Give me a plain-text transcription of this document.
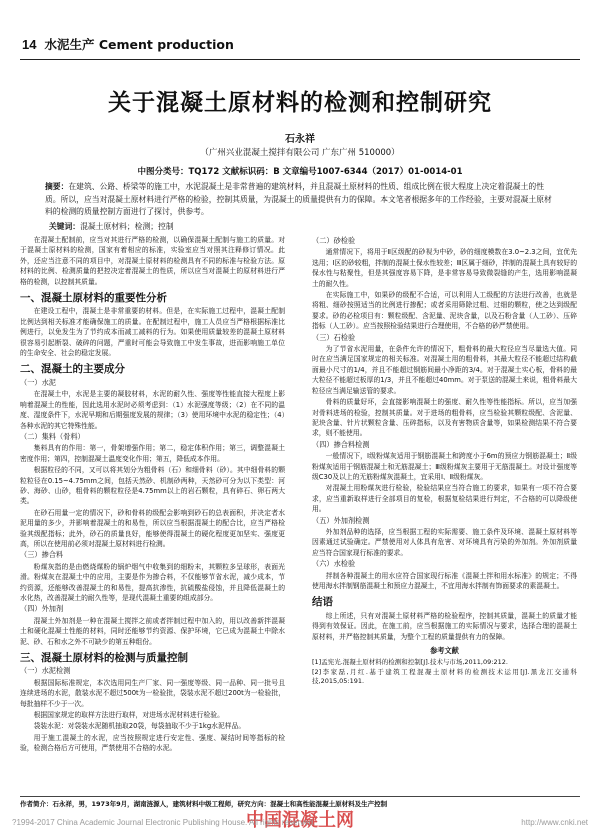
14 水泥生产 Cement production
关于混凝土原材料的检测和控制研究
石永祥
（广州兴业混凝土搅拌有限公司 广东广州 510000）
中图分类号：TQ172 文献标识码：B 文章编号1007-6344（2017）01-0014-01
摘要：在建筑、公路、桥梁等的施工中，水泥混凝土是非常普遍的建筑材料，并且混凝土原材料的性质、组成比例在很大程度上决定着混凝土的性质。所以，应当对混凝土原材料进行严格的检验，控制其质量，为混凝土的质量提供有力的保障。本文笔者根据多年的工作经验，主要对混凝土原材料的检测的质量控制方面进行了探讨，供参考。
关键词：混凝土原材料；检测；控制

在混凝土配制前，应当对其进行严格的检测，以确保混凝土配制与施工的质量。对于混凝土原材料的检测，国家有着相应的标准，实验室应当对照其注释修订情况。此外，还应当注意不同的项目中，对混凝土原材料的检测具有不同的标准与检验方法。原材料的比例、检测质量的把控决定着混凝土的性质，所以应当对混凝土的原材料进行严格的检测，以控制其质量。

一、混凝土原材料的重要性分析

在建设工程中，混凝土是非常重要的材料。但是，在实际施工过程中，混凝土配制比例达到相关标准才能确保施工的质量。在配制过程中，施工人员应当严格根据标准比例进行，以免发生为了节约成本而减工减料的行为。如果使用质量较差的混凝土原材料很容易引起断裂、破碎的问题，严重时可能会导致施工中发生事故，进而影响施工单位的生命安全、社会的稳定发展。

二、混凝土的主要成分
（一）水泥

在混凝土中，水泥是主要的凝胶材料，水泥的耐久性、强度等性能直接大程度上影响着混凝土的性能，因此选用水泥时必须考虑到：（1）水泥强度等级；（2）在不同的温度、湿度条件下，水泥早期和后期强度发展的规律；（3）使用环境中水泥的稳定性；（4）各种水泥的其它特殊性能。

（二）集料（骨料）

集料具有的作用：第一，骨架增强作用；第二，稳定体积作用；第三，调整混凝土密度作用；第四，控制混凝土温度变化作用；第五，降低成本作用。

根据粒径的不同，又可以将其划分为粗骨料（石）和细骨料（砂）。其中细骨料的颗粒粒径在0.15~4.75mm之间，包括天然砂、机制砂两种，天然砂可分为以下类型：河砂、海砂、山砂，粗骨料的颗粒粒径是4.75mm以上的岩石颗粒，具有碎石、卵石两大类。

在砂石用量一定的情况下，砂和骨料的级配会影响到砂石的总表面积，并决定者水泥用量的多少，并影响着混凝土的和易性，所以应当根据混凝土的配合比，应当严格检验其级配指标；此外，砂石的质量良好，能够使得混凝土的硬化程度更加坚实、强度更高，所以在使用前必须对混凝土原材料进行检测。

（三）掺合料

粉煤灰指的是由燃烧煤粉的锅炉烟气中收集到的细粉末，其颗粒多呈球形，表面光滑。粉煤灰在混凝土中的应用，主要是作为掺合料，不仅能够节省水泥，减少成本，节约资源，还能够改善混凝土的和易性，提高抗渗性，抗硫酸盐侵蚀，并且降低混凝土的水化热，改善混凝土的耐久性等，是现代混凝土重要的组成部分。

（四）外加剂

混凝土外加剂是一种在混凝土搅拌之前或者拌制过程中加入的，用以改善新拌混凝土和硬化混凝土性能的材料，同时还能够节约资源、保护环境，它已成为混凝土中除水泥、砂、石和水之外不可缺少的第五种组份。

三、混凝土原材料的检测与质量控制
（一）水泥检测

根据国际标准规定，本次选用同生产厂家、同一强度等级、同一品种、同一批号且连续进场的水泥，散装水泥不超过500t为一检验批，袋装水泥不超过200t为一检验批，每批抽样不少于一次。

根据国家规定的取样方法进行取样，对进场水泥材料进行检验。

袋装水泥：对袋装水泥随机抽取20袋，每袋抽取不少于1kg水泥样品。

用于施工混凝土的水泥，应当按照规定进行安定性、强度、凝结时间等指标的检验，检测合格后方可使用，严禁使用不合格的水泥。

（二）砂检验

通常情况下，将用于Ⅱ区级配的砂视为中砂，砂的细度模数在3.0~2.3之间，宜优先选用；Ⅰ区的砂较粗，拌制的混凝土保水性较差；Ⅲ区属于细砂，拌制的混凝土具有较好的保水性与粘聚性，但是其强度容易下降，是非常容易导致微裂缝的产生，选用影响混凝土的耐久性。

在实际施工中，如果砂的级配不合适，可以利用人工级配的方法进行改善，也就是将粗、细砂按照适当的比例进行掺配；或者采用筛除过粗、过细的颗粒，使之达到级配要求。砂的必检项目有：颗粒级配、含泥量、泥块含量，以及石粉含量（人工砂）、压碎指标（人工砂）。应当按照检验结果进行合理使用，不合格的砂严禁使用。

（三）石检验

为了节省水泥用量，在条件允许的情况下，粗骨料的最大粒径应当尽量选大值。同时在应当满足国家规定的相关标准。对混凝土用的粗骨料，其最大粒径不能超过结构截面最小尺寸的1/4，并且不能超过钢筋间最小净距的3/4。对于混凝土实心板，骨料的最大粒径不能超过板厚的1/3，并且不能超过40mm。对于泵送的混凝土来说，粗骨料最大粒径应当满足输送管的要求。

骨料的质量好坏，会直接影响混凝土的强度、耐久性等性能指标。所以，应当加强对骨料进场的检验，控制其质量。对于进场的粗骨料，应当检验其颗粒级配、含泥量、泥块含量、针片状颗粒含量、压碎指标，以及有害物质含量等，如果检测结果不符合要求，则不能使用。

（四）掺合料检测

一般情况下，Ⅰ级粉煤灰适用于钢筋混凝土和跨度小于6m的预应力钢筋混凝土；Ⅱ级粉煤灰适用于钢筋混凝土和无筋混凝土；Ⅲ级粉煤灰主要用于无筋混凝土。对设计强度等级C30及以上的无筋粉煤灰混凝土，宜采用Ⅰ、Ⅱ级粉煤灰。

对混凝土用粉煤灰进行检验，检验结果应当符合施工的要求，如果有一项不符合要求，应当重新取样进行全部项目的复检，根据复检结果进行判定，不合格的可以降级使用。

（五）外加剂检测

外加剂品种的选择，应当根据工程的实际需要、施工条件及环境、混凝土原材料等因素通过试验确定。严禁使用对人体具有危害、对环境具有污染的外加剂。外加剂质量应当符合国家现行标准的要求。

（六）水检验

拌制各种混凝土的用水应符合国家现行标准《混凝土拌和用水标准》的规定；不得使用海水拌制钢筋混凝土和预应力混凝土，不宜用海水拌制有饰面要求的素混凝土。

结语

综上所述，只有对混凝土原材料严格的检验程序，控制其质量，混凝土的质量才能得到有效保证。因此，在施工前，应当根据施工的实际情况与要求，选择合理的混凝土原材料，并严格控制其质量，为整个工程的质量提供有力的保障。

参考文献

[1]孟宪光.混凝土原材料的检测和控制[J].技术与市场,2011,09:212.

[2]李家磊,月红.基于建筑工程混凝土原材料的检测技术运用[J].黑龙江交通科技,2015,05:191.

作者简介：石永祥，男，1973年9月，湖南涟源人，建筑材料中级工程师，研究方向：混凝土和高性能混凝土原材料及生产控制
中国混凝土网
?1994-2017 China Academic Journal Electronic Publishing House. All rights reserved.	http://www.cnki.net
